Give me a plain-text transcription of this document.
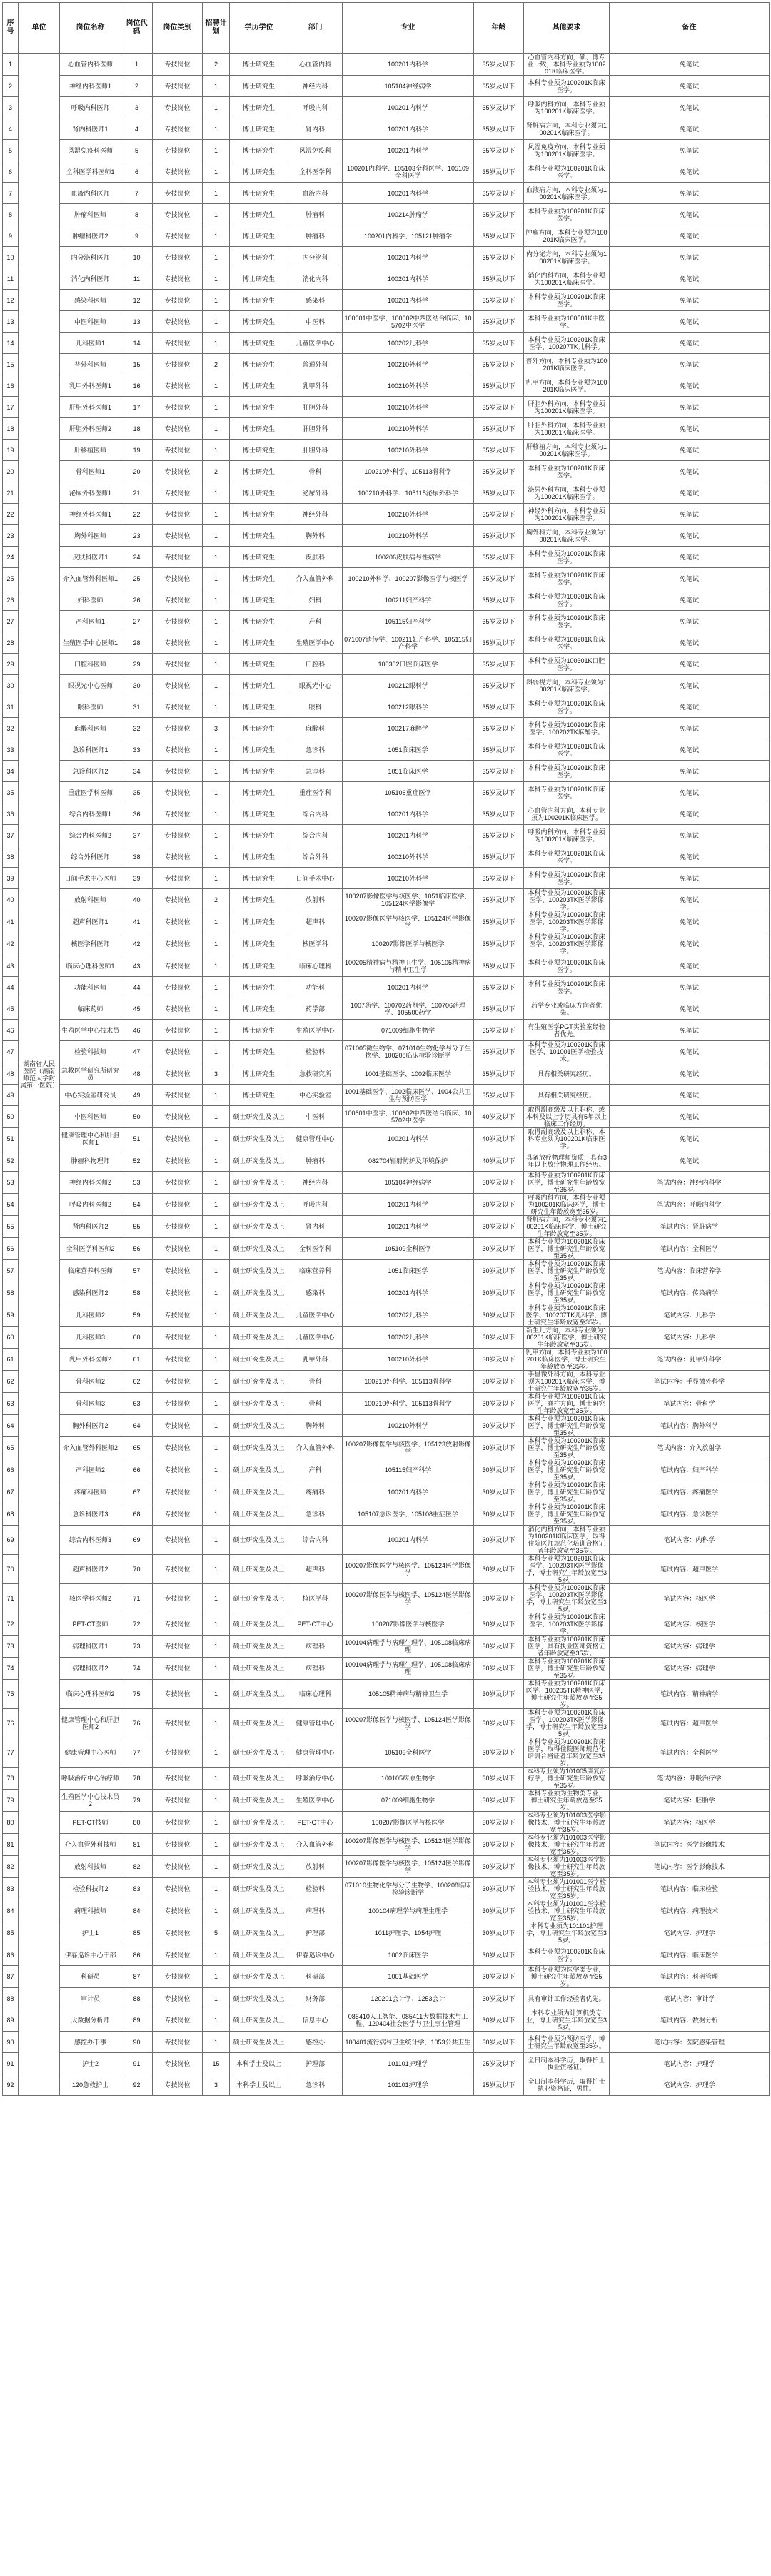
序号	单位	岗位名称	岗位代码	岗位类别	招聘计划	学历学位	部门	专业	年龄	其他要求	备注
1	湖南省人民医院（湖南师范大学附属第一医院）	心血管内科医师	1	专技岗位	2	博士研究生	心血管内科	100201内科学	35岁及以下	心血管内科方向，硕、博专业一致，本科专业须为100201K临床医学。	免笔试
2		神经内科医师1	2	专技岗位	1	博士研究生	神经内科	105104神经病学	35岁及以下	本科专业须为100201K临床医学。	免笔试
3		呼吸内科医师	3	专技岗位	1	博士研究生	呼吸内科	100201内科学	35岁及以下	呼吸内科方向，本科专业须为100201K临床医学。	免笔试
4		肾内科医师1	4	专技岗位	1	博士研究生	肾内科	100201内科学	35岁及以下	肾脏病方向，本科专业须为100201K临床医学。	免笔试
5		风湿免疫科医师	5	专技岗位	1	博士研究生	风湿免疫科	100201内科学	35岁及以下	风湿免疫方向，本科专业须为100201K临床医学。	免笔试
6		全科医学科医师1	6	专技岗位	1	博士研究生	全科医学科	100201内科学、105103全科医学、105109全科医学	35岁及以下	本科专业须为100201K临床医学。	免笔试
7		血液内科医师	7	专技岗位	1	博士研究生	血液内科	100201内科学	35岁及以下	血液病方向，本科专业须为100201K临床医学。	免笔试
8		肿瘤科医师	8	专技岗位	1	博士研究生	肿瘤科	100214肿瘤学	35岁及以下	本科专业须为100201K临床医学。	免笔试
9		肿瘤科医师2	9	专技岗位	1	博士研究生	肿瘤科	100201内科学、105121肿瘤学	35岁及以下	肿瘤方向，本科专业须为100201K临床医学。	免笔试
10		内分泌科医师	10	专技岗位	1	博士研究生	内分泌科	100201内科学	35岁及以下	内分泌方向，本科专业须为100201K临床医学。	免笔试
11		消化内科医师	11	专技岗位	1	博士研究生	消化内科	100201内科学	35岁及以下	消化内科方向，本科专业须为100201K临床医学。	免笔试
12		感染科医师	12	专技岗位	1	博士研究生	感染科	100201内科学	35岁及以下	本科专业须为100201K临床医学。	免笔试
13		中医科医师	13	专技岗位	1	博士研究生	中医科	100601中医学、100602中西医结合临床、105702中医学	35岁及以下	本科专业须为100501K中医学。	免笔试
14		儿科医师1	14	专技岗位	1	博士研究生	儿童医学中心	100202儿科学	35岁及以下	本科专业须为100201K临床医学、100207TK儿科学。	免笔试
15		普外科医师	15	专技岗位	2	博士研究生	普通外科	100210外科学	35岁及以下	普外方向，本科专业须为100201K临床医学。	免笔试
16		乳甲外科医师1	16	专技岗位	1	博士研究生	乳甲外科	100210外科学	35岁及以下	乳甲方向，本科专业须为100201K临床医学。	免笔试
17		肝胆外科医师1	17	专技岗位	1	博士研究生	肝胆外科	100210外科学	35岁及以下	肝胆外科方向，本科专业须为100201K临床医学。	免笔试
18		肝胆外科医师2	18	专技岗位	1	博士研究生	肝胆外科	100210外科学	35岁及以下	肝胆外科方向，本科专业须为100201K临床医学。	免笔试
19		肝移植医师	19	专技岗位	1	博士研究生	肝胆外科	100210外科学	35岁及以下	肝移植方向，本科专业须为100201K临床医学。	免笔试
20		骨科医师1	20	专技岗位	2	博士研究生	骨科	100210外科学、105113骨科学	35岁及以下	本科专业须为100201K临床医学。	免笔试
21		泌尿外科医师1	21	专技岗位	1	博士研究生	泌尿外科	100210外科学、105115泌尿外科学	35岁及以下	泌尿外科方向，本科专业须为100201K临床医学。	免笔试
22		神经外科医师1	22	专技岗位	1	博士研究生	神经外科	100210外科学	35岁及以下	神经外科方向，本科专业须为100201K临床医学。	免笔试
23		胸外科医师	23	专技岗位	1	博士研究生	胸外科	100210外科学	35岁及以下	胸外科方向，本科专业须为100201K临床医学。	免笔试
24		皮肤科医师1	24	专技岗位	1	博士研究生	皮肤科	100206皮肤病与性病学	35岁及以下	本科专业须为100201K临床医学。	免笔试
25		介入血管外科医师1	25	专技岗位	1	博士研究生	介入血管外科	100210外科学、100207影像医学与核医学	35岁及以下	本科专业须为100201K临床医学。	免笔试
26		妇科医师	26	专技岗位	1	博士研究生	妇科	100211妇产科学	35岁及以下	本科专业须为100201K临床医学。	免笔试
27		产科医师1	27	专技岗位	1	博士研究生	产科	105115妇产科学	35岁及以下	本科专业须为100201K临床医学。	免笔试
28		生殖医学中心医师1	28	专技岗位	1	博士研究生	生殖医学中心	071007遗传学、100211妇产科学、105115妇产科学	35岁及以下	本科专业须为100201K临床医学。	免笔试
29		口腔科医师	29	专技岗位	1	博士研究生	口腔科	100302口腔临床医学	35岁及以下	本科专业须为100301K口腔医学。	免笔试
30		眼视光中心医师	30	专技岗位	1	博士研究生	眼视光中心	100212眼科学	35岁及以下	斜弱视方向，本科专业须为100201K临床医学。	免笔试
31		眼科医师	31	专技岗位	1	博士研究生	眼科	100212眼科学	35岁及以下	本科专业须为100201K临床医学。	免笔试
32		麻醉科医师	32	专技岗位	3	博士研究生	麻醉科	100217麻醉学	35岁及以下	本科专业须为100201K临床医学、100202TK麻醉学。	免笔试
33		急诊科医师1	33	专技岗位	1	博士研究生	急诊科	1051临床医学	35岁及以下	本科专业须为100201K临床医学。	免笔试
34		急诊科医师2	34	专技岗位	1	博士研究生	急诊科	1051临床医学	35岁及以下	本科专业须为100201K临床医学。	免笔试
35		重症医学科医师	35	专技岗位	1	博士研究生	重症医学科	105106重症医学	35岁及以下	本科专业须为100201K临床医学。	免笔试
36		综合内科医师1	36	专技岗位	1	博士研究生	综合内科	100201内科学	35岁及以下	心血管内科方向，本科专业须为100201K临床医学。	免笔试
37		综合内科医师2	37	专技岗位	1	博士研究生	综合内科	100201内科学	35岁及以下	呼吸内科方向，本科专业须为100201K临床医学。	免笔试
38		综合外科医师	38	专技岗位	1	博士研究生	综合外科	100210外科学	35岁及以下	本科专业须为100201K临床医学。	免笔试
39		日间手术中心医师	39	专技岗位	1	博士研究生	日间手术中心	100210外科学	35岁及以下	本科专业须为100201K临床医学。	免笔试
40		放射科医师	40	专技岗位	2	博士研究生	放射科	100207影像医学与核医学、1051临床医学、105124医学影像学	35岁及以下	本科专业须为100201K临床医学、100203TK医学影像学。	免笔试
41		超声科医师1	41	专技岗位	1	博士研究生	超声科	100207影像医学与核医学、105124医学影像学	35岁及以下	本科专业须为100201K临床医学、100203TK医学影像学。	免笔试
42		核医学科医师	42	专技岗位	1	博士研究生	核医学科	100207影像医学与核医学	35岁及以下	本科专业须为100201K临床医学、100203TK医学影像学。	免笔试
43		临床心理科医师1	43	专技岗位	1	博士研究生	临床心理科	100205精神病与精神卫生学、105105精神病与精神卫生学	35岁及以下	本科专业须为100201K临床医学。	免笔试
44		功能科医师	44	专技岗位	1	博士研究生	功能科	100201内科学	35岁及以下	本科专业须为100201K临床医学。	免笔试
45		临床药师	45	专技岗位	1	博士研究生	药学部	1007药学、100702药剂学、100706药理学、105500药学	35岁及以下	药学专业或临床方向者优先。	免笔试
46		生殖医学中心技术员	46	专技岗位	1	博士研究生	生殖医学中心	071009细胞生物学	35岁及以下	有生殖医学PGT实验室经验者优先。	免笔试
47		检验科技师	47	专技岗位	1	博士研究生	检验科	071005微生物学、071010生物化学与分子生物学、100208临床检验诊断学	35岁及以下	本科专业须为100201K临床医学、101001医学检验技术。	免笔试
48		急救医学研究所研究员	48	专技岗位	3	博士研究生	急救研究所	1001基础医学、1002临床医学	35岁及以下	具有相关研究经历。	免笔试
49		中心实验室研究员	49	专技岗位	1	博士研究生	中心实验室	1001基础医学、1002临床医学、1004公共卫生与预防医学	35岁及以下	具有相关研究经历。	免笔试
50		中医科医师	50	专技岗位	1	硕士研究生及以上	中医科	100601中医学、100602中西医结合临床、105702中医学	40岁及以下	取得副高级及以上职称，或本科及以上学历具有5年以上临床工作经历。	免笔试
51		健康管理中心和肝胆医师1	51	专技岗位	1	硕士研究生及以上	健康管理中心	100201内科学	40岁及以下	取得副高级及以上职称，本科专业须为100201K临床医学。	免笔试
52		肿瘤科物理师	52	专技岗位	1	硕士研究生及以上	肿瘤科	082704辐射防护及环境保护	40岁及以下	具备放疗物理师资质，具有3年以上放疗物理工作经历。	免笔试
53		神经内科医师2	53	专技岗位	1	硕士研究生及以上	神经内科	105104神经病学	30岁及以下	本科专业须为100201K临床医学，博士研究生年龄放宽至35岁。	笔试内容：神经内科学
54		呼吸内科医师2	54	专技岗位	1	硕士研究生及以上	呼吸内科	100201内科学	30岁及以下	呼吸内科方向，本科专业须为100201K临床医学，博士研究生年龄放宽至35岁。	笔试内容：呼吸内科学
55		肾内科医师2	55	专技岗位	1	硕士研究生及以上	肾内科	100201内科学	30岁及以下	肾脏病方向，本科专业须为100201K临床医学，博士研究生年龄放宽至35岁。	笔试内容：肾脏病学
56		全科医学科医师2	56	专技岗位	1	硕士研究生及以上	全科医学科	105109全科医学	30岁及以下	本科专业须为100201K临床医学，博士研究生年龄放宽至35岁。	笔试内容：全科医学
57		临床营养科医师	57	专技岗位	1	硕士研究生及以上	临床营养科	1051临床医学	30岁及以下	本科专业须为100201K临床医学，博士研究生年龄放宽至35岁。	笔试内容：临床营养学
58		感染科医师2	58	专技岗位	1	硕士研究生及以上	感染科	100201内科学	30岁及以下	本科专业须为100201K临床医学，博士研究生年龄放宽至35岁。	笔试内容：传染病学
59		儿科医师2	59	专技岗位	1	硕士研究生及以上	儿童医学中心	100202儿科学	30岁及以下	本科专业须为100201K临床医学、100207TK儿科学，博士研究生年龄放宽至35岁。	笔试内容：儿科学
60		儿科医师3	60	专技岗位	1	硕士研究生及以上	儿童医学中心	100202儿科学	30岁及以下	新生儿方向，本科专业须为100201K临床医学，博士研究生年龄放宽至35岁。	笔试内容：儿科学
61		乳甲外科医师2	61	专技岗位	1	硕士研究生及以上	乳甲外科	100210外科学	30岁及以下	乳甲方向，本科专业须为100201K临床医学，博士研究生年龄放宽至35岁。	笔试内容：乳甲外科学
62		骨科医师2	62	专技岗位	1	硕士研究生及以上	骨科	100210外科学、105113骨科学	30岁及以下	手显微外科方向，本科专业须为100201K临床医学，博士研究生年龄放宽至35岁。	笔试内容：手显微外科学
63		骨科医师3	63	专技岗位	1	硕士研究生及以上	骨科	100210外科学、105113骨科学	30岁及以下	本科专业须为100201K临床医学，脊柱方向，博士研究生年龄放宽至35岁。	笔试内容：骨科学
64		胸外科医师2	64	专技岗位	1	硕士研究生及以上	胸外科	100210外科学	30岁及以下	本科专业须为100201K临床医学，博士研究生年龄放宽至35岁。	笔试内容：胸外科学
65		介入血管外科医师2	65	专技岗位	1	硕士研究生及以上	介入血管外科	100207影像医学与核医学、105123放射影像学	30岁及以下	本科专业须为100201K临床医学，博士研究生年龄放宽至35岁。	笔试内容：介入放射学
66		产科医师2	66	专技岗位	1	硕士研究生及以上	产科	105115妇产科学	30岁及以下	本科专业须为100201K临床医学，博士研究生年龄放宽至35岁。	笔试内容：妇产科学
67		疼痛科医师	67	专技岗位	1	硕士研究生及以上	疼痛科	100201内科学	30岁及以下	本科专业须为100201K临床医学，博士研究生年龄放宽至35岁。	笔试内容：疼痛医学
68		急诊科医师3	68	专技岗位	1	硕士研究生及以上	急诊科	105107急诊医学、105108重症医学	30岁及以下	本科专业须为100201K临床医学，博士研究生年龄放宽至35岁。	笔试内容：急诊医学
69		综合内科医师3	69	专技岗位	1	硕士研究生及以上	综合内科	100201内科学	30岁及以下	消化内科方向，本科专业须为100201K临床医学，取得住院医师规范化培训合格证者年龄放宽至35岁。	笔试内容：内科学
70		超声科医师2	70	专技岗位	1	硕士研究生及以上	超声科	100207影像医学与核医学、105124医学影像学	30岁及以下	本科专业须为100201K临床医学、100203TK医学影像学，博士研究生年龄放宽至35岁。	笔试内容：超声医学
71		核医学科医师2	71	专技岗位	1	硕士研究生及以上	核医学科	100207影像医学与核医学、105124医学影像学	30岁及以下	本科专业须为100201K临床医学、100203TK医学影像学，博士研究生年龄放宽至35岁。	笔试内容：核医学
72		PET-CT医师	72	专技岗位	1	硕士研究生及以上	PET-CT中心	100207影像医学与核医学	30岁及以下	本科专业须为100201K临床医学、100203TK医学影像学。	笔试内容：核医学
73		病理科医师1	73	专技岗位	1	硕士研究生及以上	病理科	100104病理学与病理生理学、105108临床病理	30岁及以下	本科专业须为100201K临床医学，具有执业医师资格证者年龄放宽至35岁。	笔试内容：病理学
74		病理科医师2	74	专技岗位	1	硕士研究生及以上	病理科	100104病理学与病理生理学、105108临床病理	30岁及以下	本科专业须为100201K临床医学，博士研究生年龄放宽至35岁。	笔试内容：病理学
75		临床心理科医师2	75	专技岗位	1	硕士研究生及以上	临床心理科	105105精神病与精神卫生学	30岁及以下	本科专业须为100201K临床医学、100205TK精神医学，博士研究生年龄放宽至35岁。	笔试内容：精神病学
76		健康管理中心和肝胆医师2	76	专技岗位	1	硕士研究生及以上	健康管理中心	100207影像医学与核医学、105124医学影像学	30岁及以下	本科专业须为100201K临床医学、100203TK医学影像学，博士研究生年龄放宽至35岁。	笔试内容：超声医学
77		健康管理中心医师	77	专技岗位	1	硕士研究生及以上	健康管理中心	105109全科医学	30岁及以下	本科专业须为100201K临床医学，取得住院医师规范化培训合格证者年龄放宽至35岁。	笔试内容：全科医学
78		呼吸治疗中心治疗师	78	专技岗位	1	硕士研究生及以上	呼吸治疗中心	100105病原生物学	30岁及以下	本科专业须为101005康复治疗学，博士研究生年龄放宽至35岁。	笔试内容：呼吸治疗学
79		生殖医学中心技术员2	79	专技岗位	1	硕士研究生及以上	生殖医学中心	071009细胞生物学	30岁及以下	本科专业须为生物类专业，博士研究生年龄放宽至35岁。	笔试内容：胚胎学
80		PET-CT技师	80	专技岗位	1	硕士研究生及以上	PET-CT中心	100207影像医学与核医学	30岁及以下	本科专业须为101003医学影像技术，博士研究生年龄放宽至35岁。	笔试内容：核医学
81		介入血管外科技师	81	专技岗位	1	硕士研究生及以上	介入血管外科	100207影像医学与核医学、105124医学影像学	30岁及以下	本科专业须为101003医学影像技术，博士研究生年龄放宽至35岁。	笔试内容：医学影像技术
82		放射科技师	82	专技岗位	1	硕士研究生及以上	放射科	100207影像医学与核医学、105124医学影像学	30岁及以下	本科专业须为101003医学影像技术，博士研究生年龄放宽至35岁。	笔试内容：医学影像技术
83		检验科技师2	83	专技岗位	1	硕士研究生及以上	检验科	071010生物化学与分子生物学、100208临床检验诊断学	30岁及以下	本科专业须为101001医学检验技术，博士研究生年龄放宽至35岁。	笔试内容：临床检验
84		病理科技师	84	专技岗位	1	硕士研究生及以上	病理科	100104病理学与病理生理学	30岁及以下	本科专业须为101001医学检验技术，博士研究生年龄放宽至35岁。	笔试内容：病理技术
85		护士1	85	专技岗位	5	硕士研究生及以上	护理部	1011护理学、1054护理	30岁及以下	本科专业须为101101护理学，博士研究生年龄放宽至35岁。	笔试内容：护理学
86		伊春巡诊中心干部	86	专技岗位	1	硕士研究生及以上	伊春巡诊中心	1002临床医学	30岁及以下	本科专业须为100201K临床医学。	笔试内容：临床医学
87		科研员	87	专技岗位	1	硕士研究生及以上	科研部	1001基础医学	30岁及以下	本科专业须为医学类专业，博士研究生年龄放宽至35岁。	笔试内容：科研管理
88		审计员	88	专技岗位	1	硕士研究生及以上	财务部	120201会计学、1253会计	30岁及以下	具有审计工作经验者优先。	笔试内容：审计学
89		大数据分析师	89	专技岗位	1	硕士研究生及以上	信息中心	085410人工智能、085411大数据技术与工程、120404社会医学与卫生事业管理	30岁及以下	本科专业须为计算机类专业，博士研究生年龄放宽至35岁。	笔试内容：数据分析
90		感控办干事	90	专技岗位	1	硕士研究生及以上	感控办	100401流行病与卫生统计学、1053公共卫生	30岁及以下	本科专业须为预防医学，博士研究生年龄放宽至35岁。	笔试内容：医院感染管理
91		护士2	91	专技岗位	15	本科学士及以上	护理部	101101护理学	25岁及以下	全日制本科学历，取得护士执业资格证。	笔试内容：护理学
92		120急救护士	92	专技岗位	3	本科学士及以上	急诊科	101101护理学	25岁及以下	全日制本科学历，取得护士执业资格证，男性。	笔试内容：护理学
